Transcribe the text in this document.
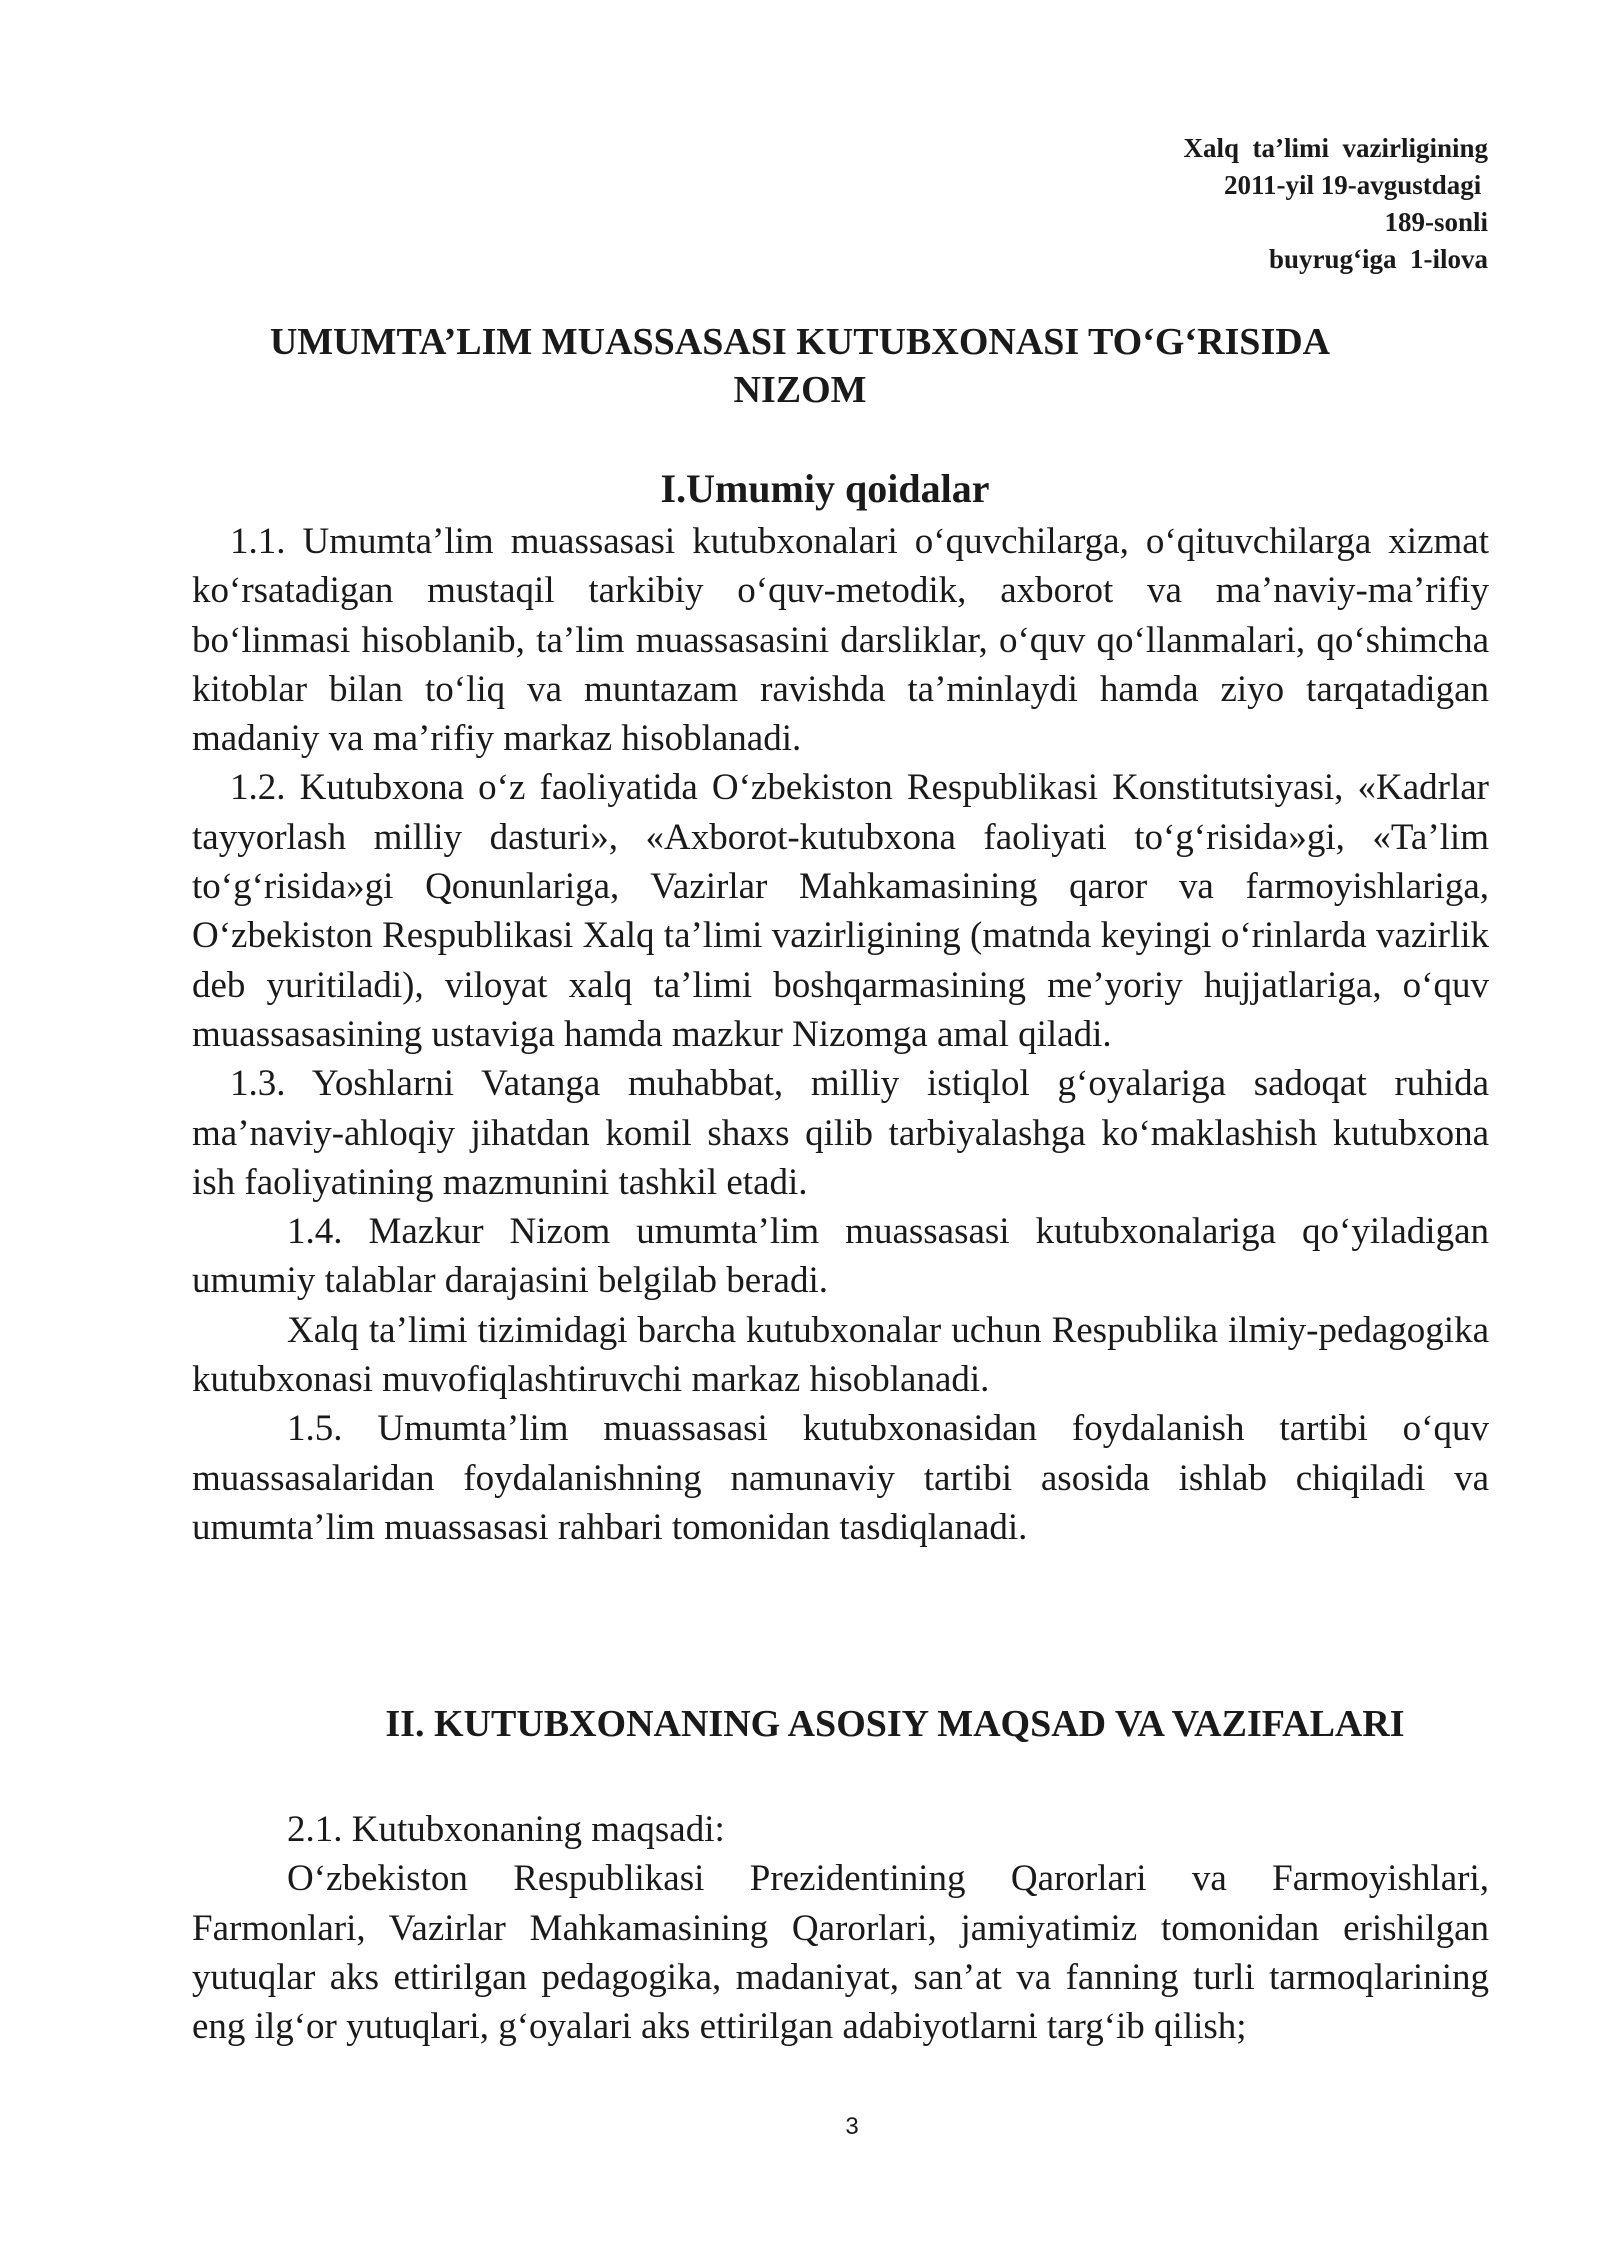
Xalq  ta’limi  vazirligining
2011-yil 19-avgustdagi
189-sonli
buyrug‘iga  1-ilova
UMUMTA’LIM MUASSASASI KUTUBXONASI TO‘G‘RISIDA
NIZOM
I.Umumiy qoidalar

1.1. Umumta’lim muassasasi kutubxonalari o‘quvchilarga, o‘qituvchilarga xizmat ko‘rsatadigan mustaqil tarkibiy o‘quv-metodik, axborot va ma’naviy-ma’rifiy bo‘linmasi hisoblanib, ta’lim muassasasini darsliklar, o‘quv qo‘llanmalari, qo‘shimcha kitoblar bilan to‘liq va muntazam ravishda ta’minlaydi hamda ziyo tarqatadigan madaniy va ma’rifiy markaz hisoblanadi.

1.2. Kutubxona o‘z faoliyatida O‘zbekiston Respublikasi Konstitutsiyasi, «Kadrlar tayyorlash milliy dasturi», «Axborot-kutubxona faoliyati to‘g‘risida»gi, «Ta’lim to‘g‘risida»gi Qonunlariga, Vazirlar Mahkamasining qaror va farmoyishlariga, O‘zbekiston Respublikasi Xalq ta’limi vazirligining (matnda keyingi o‘rinlarda vazirlik deb yuritiladi), viloyat xalq ta’limi boshqarmasining me’yoriy hujjatlariga, o‘quv muassasasining ustaviga hamda mazkur Nizomga amal qiladi.

1.3. Yoshlarni Vatanga muhabbat, milliy istiqlol g‘oyalariga sadoqat ruhida ma’naviy-ahloqiy jihatdan komil shaxs qilib tarbiyalashga ko‘maklashish kutubxona ish faoliyatining mazmunini tashkil etadi.

1.4. Mazkur Nizom umumta’lim muassasasi kutubxonalariga qo‘yiladigan umumiy talablar darajasini belgilab beradi.

Xalq ta’limi tizimidagi barcha kutubxonalar uchun Respublika ilmiy-pedagogika kutubxonasi muvofiqlashtiruvchi markaz hisoblanadi.

1.5. Umumta’lim muassasasi kutubxonasidan foydalanish tartibi o‘quv muassasalaridan foydalanishning namunaviy tartibi asosida ishlab chiqiladi va umumta’lim muassasasi rahbari tomonidan tasdiqlanadi.

II. KUTUBXONANING ASOSIY MAQSAD VA VAZIFALARI

2.1. Kutubxonaning maqsadi:

O‘zbekiston Respublikasi Prezidentining Qarorlari va Farmoyishlari, Farmonlari, Vazirlar Mahkamasining Qarorlari, jamiyatimiz tomonidan erishilgan yutuqlar aks ettirilgan pedagogika, madaniyat, san’at va fanning turli tarmoqlarining eng ilg‘or yutuqlari, g‘oyalari aks ettirilgan adabiyotlarni targ‘ib qilish;

3
